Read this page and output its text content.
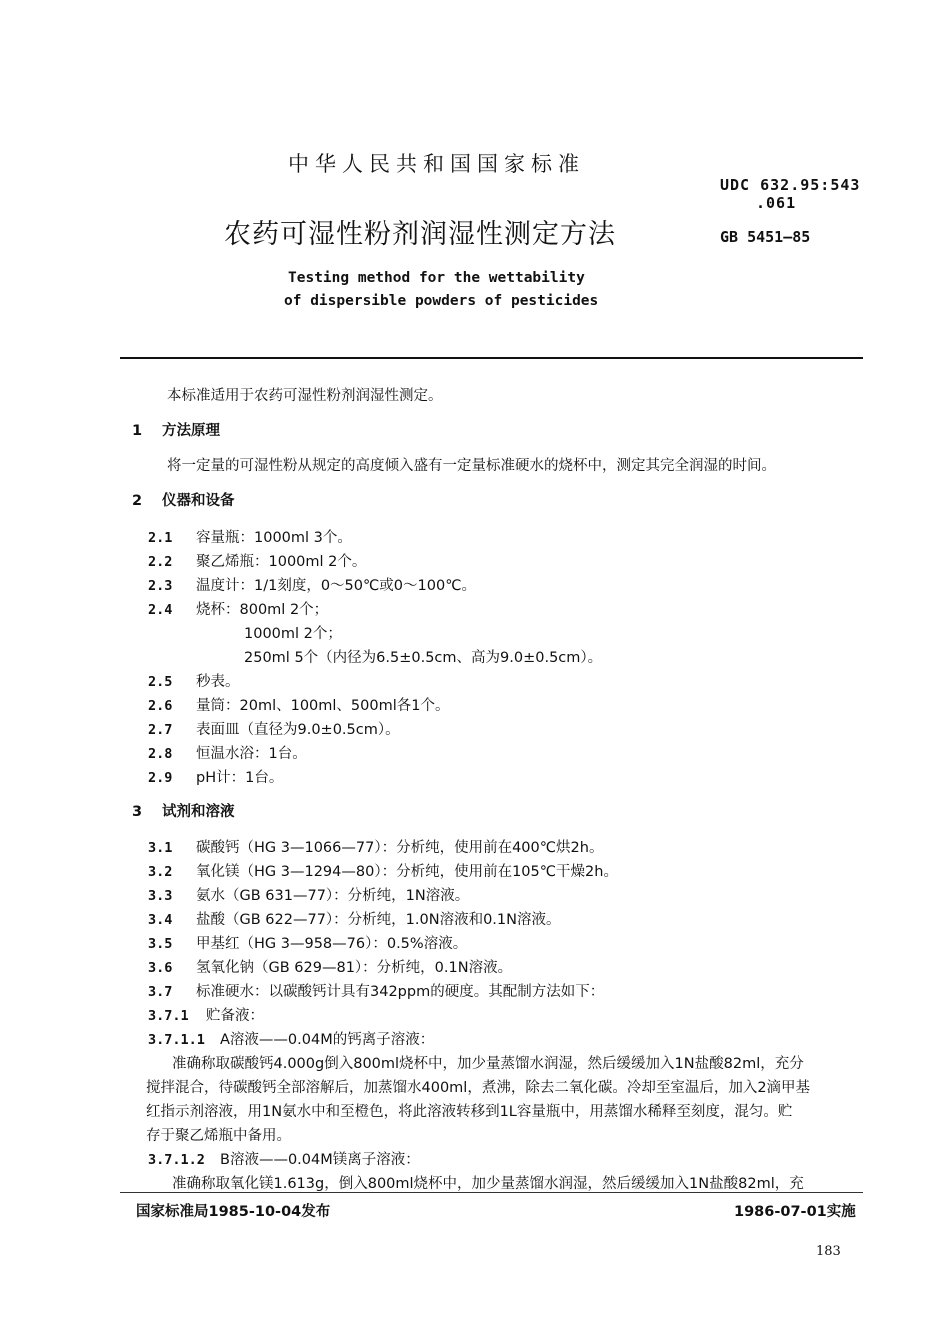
中华人民共和国国家标准
UDC 632.95:543
.061
农药可湿性粉剂润湿性测定方法	GB 5451—85
Testing method for the wettability
of dispersible powders of pesticides
本标准适用于农药可湿性粉剂润湿性测定。
1 方法原理
将一定量的可湿性粉从规定的高度倾入盛有一定量标准硬水的烧杯中，测定其完全润湿的时间。
2 仪器和设备
2.1 容量瓶：1000ml 3个。
2.2 聚乙烯瓶：1000ml 2个。
2.3 温度计：1/1刻度，0～50℃或0～100℃。
2.4 烧杯：800ml 2个；
1000ml 2个；
250ml 5个（内径为6.5±0.5cm、高为9.0±0.5cm）。
2.5 秒表。
2.6 量筒：20ml、100ml、500ml各1个。
2.7 表面皿（直径为9.0±0.5cm）。
2.8 恒温水浴：1台。
2.9 pH计：1台。
3 试剂和溶液
3.1 碳酸钙（HG 3—1066—77）：分析纯，使用前在400℃烘2h。
3.2 氧化镁（HG 3—1294—80）：分析纯，使用前在105℃干燥2h。
3.3 氨水（GB 631—77）：分析纯，1N溶液。
3.4 盐酸（GB 622—77）：分析纯，1.0N溶液和0.1N溶液。
3.5 甲基红（HG 3—958—76）：0.5%溶液。
3.6 氢氧化钠（GB 629—81）：分析纯，0.1N溶液。
3.7 标准硬水：以碳酸钙计具有342ppm的硬度。其配制方法如下：
3.7.1 贮备液：
3.7.1.1 A溶液——0.04M的钙离子溶液：
准确称取碳酸钙4.000g倒入800ml烧杯中，加少量蒸馏水润湿，然后缓缓加入1N盐酸82ml，充分
搅拌混合，待碳酸钙全部溶解后，加蒸馏水400ml，煮沸，除去二氧化碳。冷却至室温后，加入2滴甲基
红指示剂溶液，用1N氨水中和至橙色，将此溶液转移到1L容量瓶中，用蒸馏水稀释至刻度，混匀。贮
存于聚乙烯瓶中备用。
3.7.1.2 B溶液——0.04M镁离子溶液：
准确称取氧化镁1.613g，倒入800ml烧杯中，加少量蒸馏水润湿，然后缓缓加入1N盐酸82ml，充
国家标准局1985-10-04发布	1986-07-01实施
183
